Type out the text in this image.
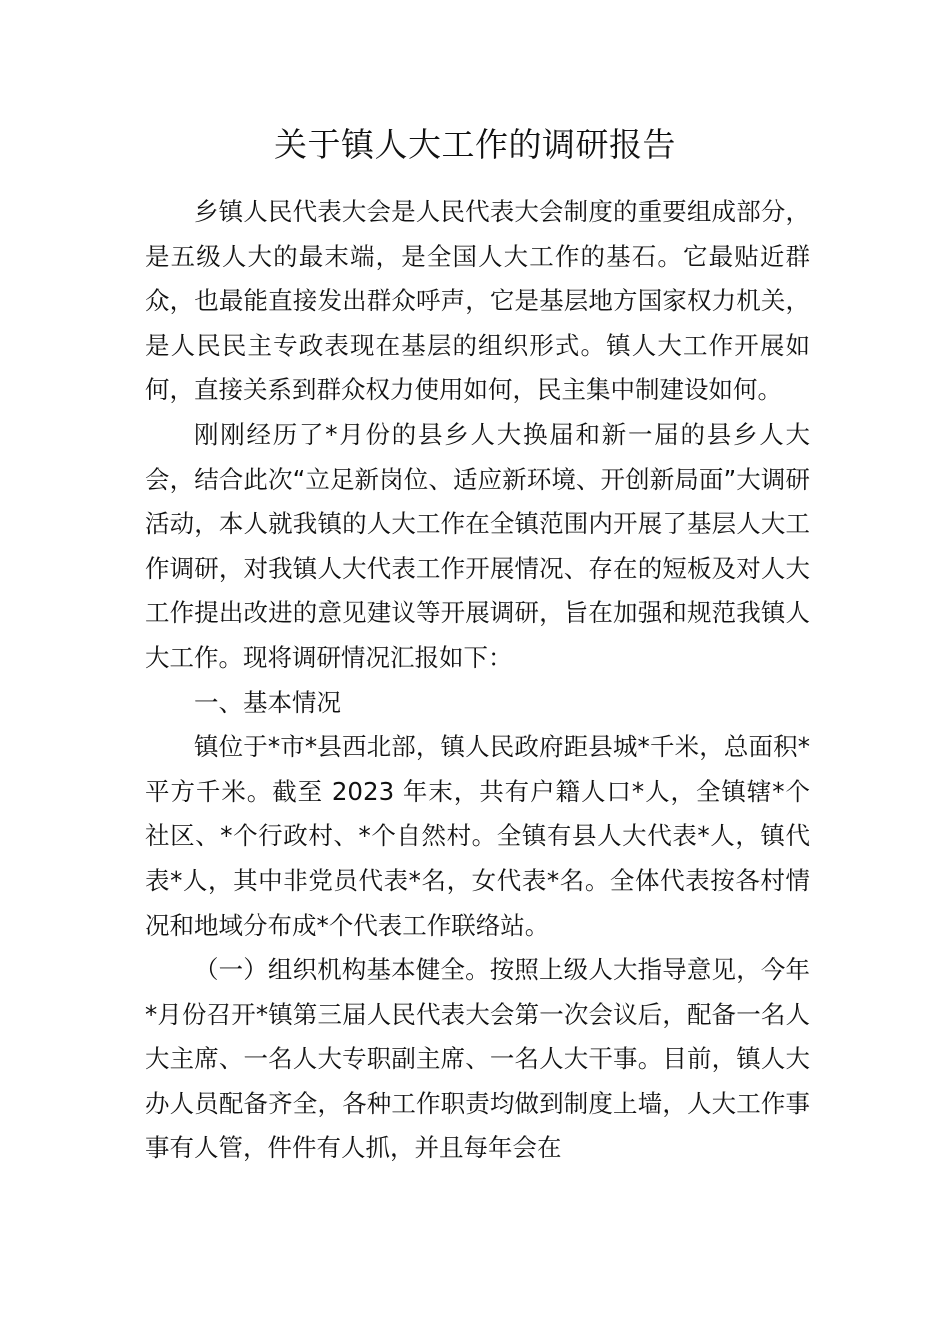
关于镇人大工作的调研报告

乡镇人民代表大会是人民代表大会制度的重要组成部分，是五级人大的最末端，是全国人大工作的基石。它最贴近群众，也最能直接发出群众呼声，它是基层地方国家权力机关，是人民民主专政表现在基层的组织形式。镇人大工作开展如何，直接关系到群众权力使用如何，民主集中制建设如何。

刚刚经历了*月份的县乡人大换届和新一届的县乡人大会，结合此次“立足新岗位、适应新环境、开创新局面”大调研活动，本人就我镇的人大工作在全镇范围内开展了基层人大工作调研，对我镇人大代表工作开展情况、存在的短板及对人大工作提出改进的意见建议等开展调研，旨在加强和规范我镇人大工作。现将调研情况汇报如下：

一、基本情况

镇位于*市*县西北部，镇人民政府距县城*千米，总面积*平方千米。截至 2023 年末，共有户籍人口*人，全镇辖*个社区、*个行政村、*个自然村。全镇有县人大代表*人，镇代表*人，其中非党员代表*名，女代表*名。全体代表按各村情况和地域分布成*个代表工作联络站。

（一）组织机构基本健全。按照上级人大指导意见，今年*月份召开*镇第三届人民代表大会第一次会议后，配备一名人大主席、一名人大专职副主席、一名人大干事。目前，镇人大办人员配备齐全，各种工作职责均做到制度上墙，人大工作事事有人管，件件有人抓，并且每年会在
